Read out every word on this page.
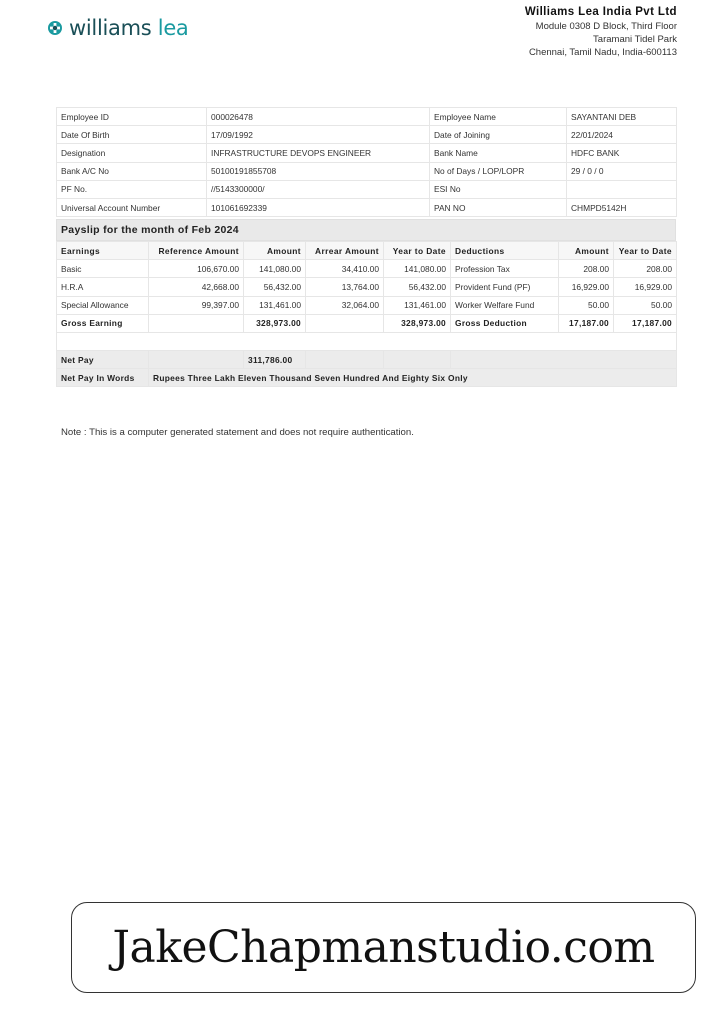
williams lea
Williams Lea India Pvt Ltd
Module 0308 D Block, Third Floor
Taramani Tidel Park
Chennai, Tamil Nadu, India-600113
Employee ID	000026478	Employee Name	SAYANTANI DEB
Date Of Birth	17/09/1992	Date of Joining	22/01/2024
Designation	INFRASTRUCTURE DEVOPS ENGINEER	Bank Name	HDFC BANK
Bank A/C No	50100191855708	No of Days / LOP/LOPR	29 / 0 / 0
PF No.	//5143300000/	ESI No	
Universal Account Number	101061692339	PAN NO	CHMPD5142H
Payslip for the month of Feb 2024
Earnings	Reference Amount	Amount	Arrear Amount	Year to Date	Deductions	Amount	Year to Date
Basic	106,670.00	141,080.00	34,410.00	141,080.00	Profession Tax	208.00	208.00
H.R.A	42,668.00	56,432.00	13,764.00	56,432.00	Provident Fund (PF)	16,929.00	16,929.00
Special Allowance	99,397.00	131,461.00	32,064.00	131,461.00	Worker Welfare Fund	50.00	50.00
Gross Earning		328,973.00		328,973.00	Gross Deduction	17,187.00	17,187.00

Net Pay		311,786.00					
Net Pay In Words	Rupees Three Lakh Eleven Thousand Seven Hundred And Eighty Six Only						
Note : This is a computer generated statement and does not require authentication.
JakeChapmanstudio.com
